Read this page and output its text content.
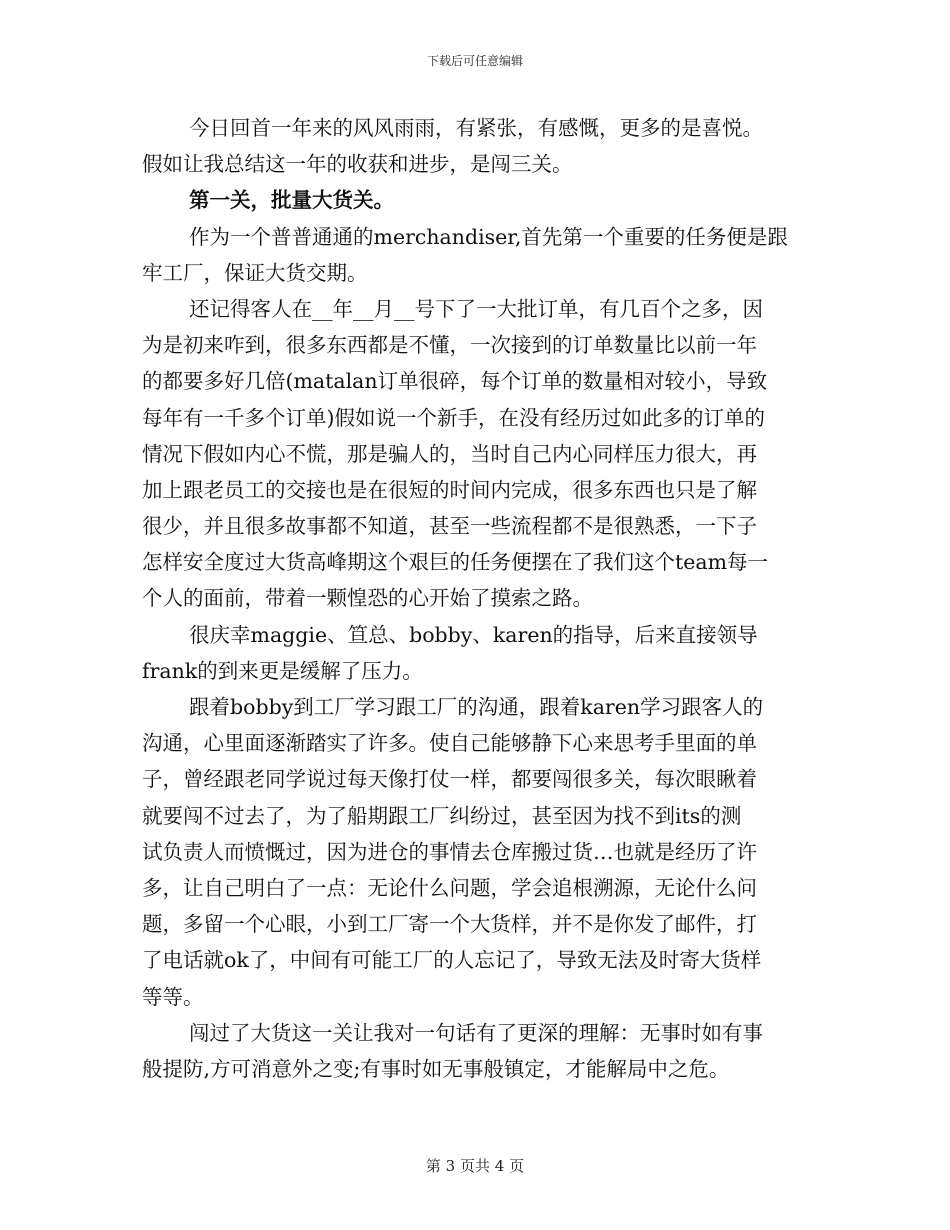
下载后可任意编辑
今日回首一年来的风风雨雨，有紧张，有感慨，更多的是喜悦。
假如让我总结这一年的收获和进步，是闯三关。
第一关，批量大货关。
作为一个普普通通的merchandiser,首先第一个重要的任务便是跟
牢工厂，保证大货交期。
还记得客人在__年__月__号下了一大批订单，有几百个之多，因
为是初来咋到，很多东西都是不懂，一次接到的订单数量比以前一年
的都要多好几倍(matalan订单很碎，每个订单的数量相对较小，导致
每年有一千多个订单)假如说一个新手，在没有经历过如此多的订单的
情况下假如内心不慌，那是骗人的，当时自己内心同样压力很大，再
加上跟老员工的交接也是在很短的时间内完成，很多东西也只是了解
很少，并且很多故事都不知道，甚至一些流程都不是很熟悉，一下子
怎样安全度过大货高峰期这个艰巨的任务便摆在了我们这个team每一
个人的面前，带着一颗惶恐的心开始了摸索之路。
很庆幸maggie、笪总、bobby、karen的指导，后来直接领导
frank的到来更是缓解了压力。
跟着bobby到工厂学习跟工厂的沟通，跟着karen学习跟客人的
沟通，心里面逐渐踏实了许多。使自己能够静下心来思考手里面的单
子，曾经跟老同学说过每天像打仗一样，都要闯很多关，每次眼瞅着
就要闯不过去了，为了船期跟工厂纠纷过，甚至因为找不到its的测
试负责人而愤慨过，因为进仓的事情去仓库搬过货…也就是经历了许
多，让自己明白了一点：无论什么问题，学会追根溯源，无论什么问
题，多留一个心眼，小到工厂寄一个大货样，并不是你发了邮件，打
了电话就ok了，中间有可能工厂的人忘记了，导致无法及时寄大货样
等等。
闯过了大货这一关让我对一句话有了更深的理解：无事时如有事
般提防,方可消意外之变;有事时如无事般镇定，才能解局中之危。
第 3 页共 4 页
